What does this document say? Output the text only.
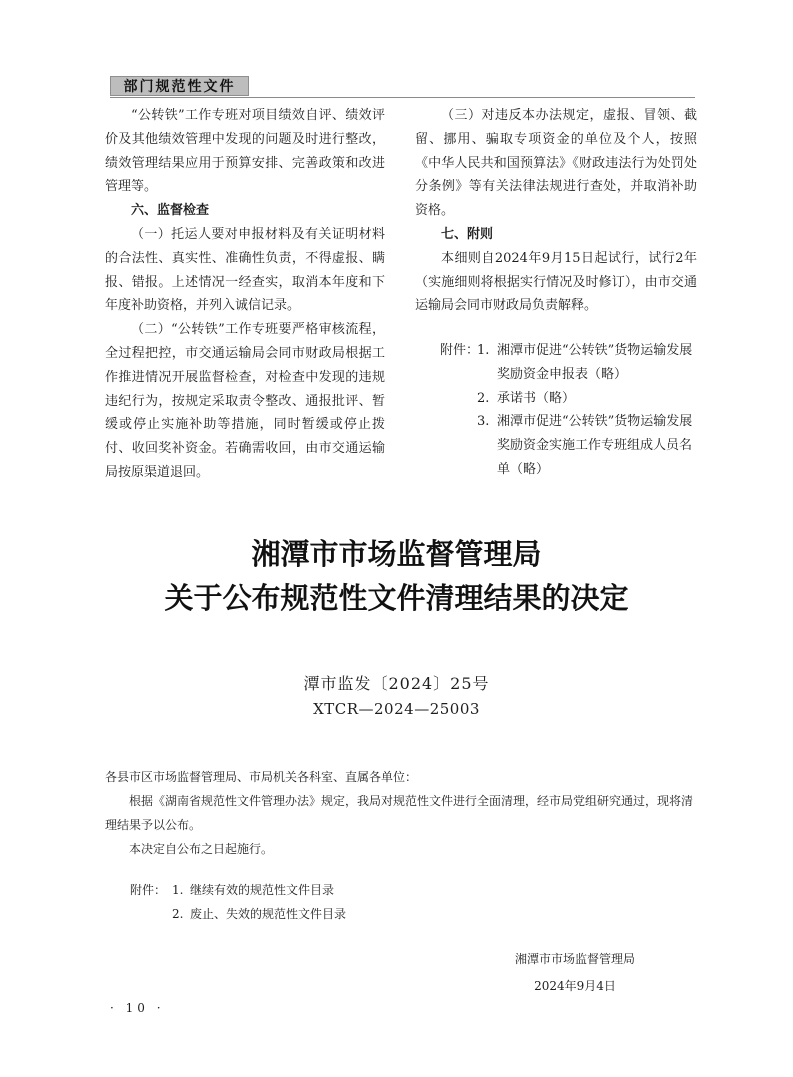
部门规范性文件

“公转铁”工作专班对项目绩效自评、绩效评价及其他绩效管理中发现的问题及时进行整改，绩效管理结果应用于预算安排、完善政策和改进管理等。

六、监督检查

（一）托运人要对申报材料及有关证明材料的合法性、真实性、准确性负责，不得虚报、瞒报、错报。上述情况一经查实，取消本年度和下年度补助资格，并列入诚信记录。

（二）“公转铁”工作专班要严格审核流程，全过程把控，市交通运输局会同市财政局根据工作推进情况开展监督检查，对检查中发现的违规违纪行为，按规定采取责令整改、通报批评、暂缓或停止实施补助等措施，同时暂缓或停止拨付、收回奖补资金。若确需收回，由市交通运输局按原渠道退回。

（三）对违反本办法规定，虚报、冒领、截留、挪用、骗取专项资金的单位及个人，按照《中华人民共和国预算法》《财政违法行为处罚处分条例》等有关法律法规进行查处，并取消补助资格。

七、附则

本细则自2024年9月15日起试行，试行2年（实施细则将根据实行情况及时修订），由市交通运输局会同市财政局负责解释。

附件：
1. 湘潭市促进“公转铁”货物运输发展奖励资金申报表（略）
2. 承诺书（略）
3. 湘潭市促进“公转铁”货物运输发展奖励资金实施工作专班组成人员名单（略）
湘潭市市场监督管理局
关于公布规范性文件清理结果的决定
潭市监发〔2024〕25号
XTCR—2024—25003

各县市区市场监督管理局、市局机关各科室、直属各单位：

根据《湖南省规范性文件管理办法》规定，我局对规范性文件进行全面清理，经市局党组研究通过，现将清理结果予以公布。

本决定自公布之日起施行。

附件： 1. 继续有效的规范性文件目录
2. 废止、失效的规范性文件目录
湘潭市市场监督管理局
2024年9月4日
· 10 ·
